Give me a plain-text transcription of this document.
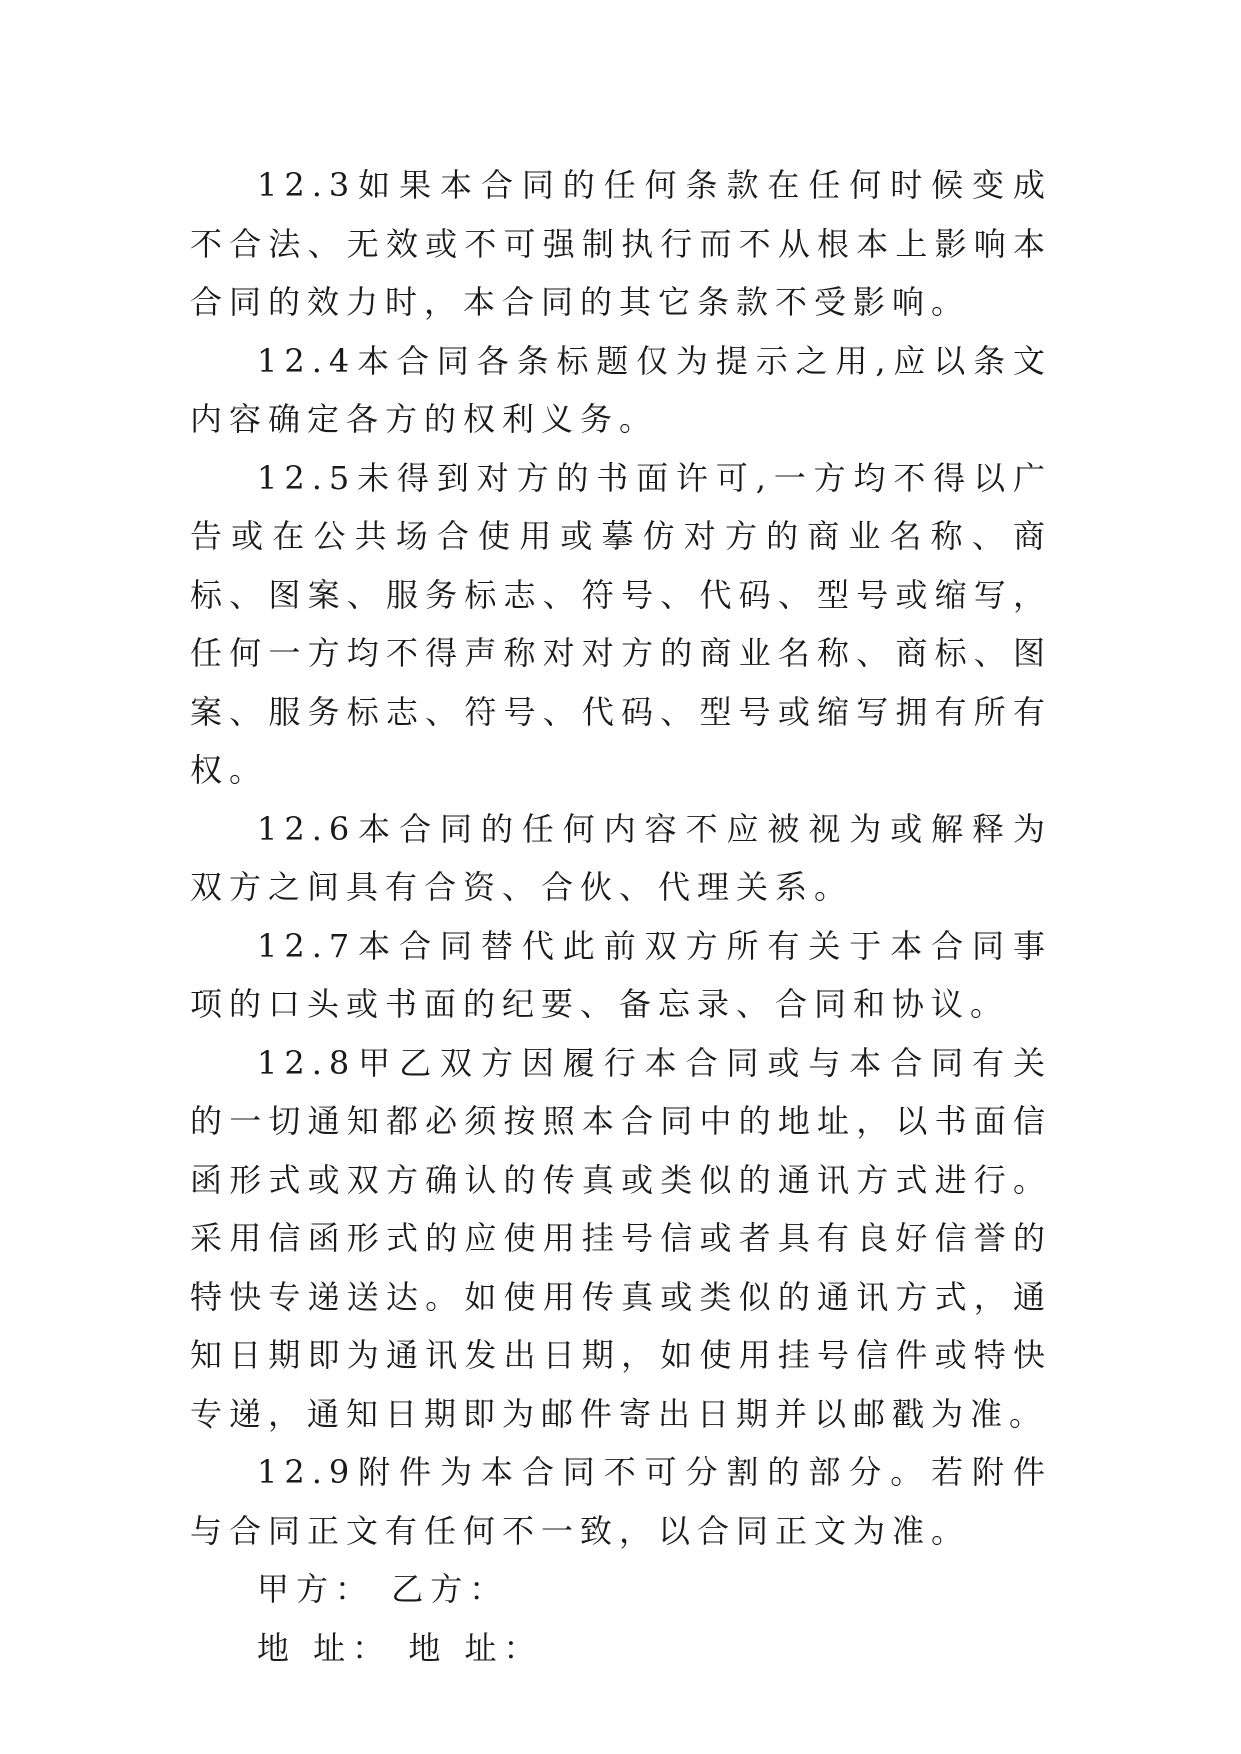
12.3如果本合同的任何条款在任何时候变成不合法、无效或不可强制执行而不从根本上影响本合同的效力时，本合同的其它条款不受影响。

12.4本合同各条标题仅为提示之用,应以条文内容确定各方的权利义务。

12.5未得到对方的书面许可,一方均不得以广告或在公共场合使用或摹仿对方的商业名称、商标、图案、服务标志、符号、代码、型号或缩写，任何一方均不得声称对对方的商业名称、商标、图案、服务标志、符号、代码、型号或缩写拥有所有权。

12.6本合同的任何内容不应被视为或解释为双方之间具有合资、合伙、代理关系。

12.7本合同替代此前双方所有关于本合同事项的口头或书面的纪要、备忘录、合同和协议。

12.8甲乙双方因履行本合同或与本合同有关的一切通知都必须按照本合同中的地址，以书面信函形式或双方确认的传真或类似的通讯方式进行。采用信函形式的应使用挂号信或者具有良好信誉的特快专递送达。如使用传真或类似的通讯方式，通知日期即为通讯发出日期，如使用挂号信件或特快专递，通知日期即为邮件寄出日期并以邮戳为准。

12.9附件为本合同不可分割的部分。若附件与合同正文有任何不一致，以合同正文为准。

甲方： 乙方：

地 址： 地 址：
